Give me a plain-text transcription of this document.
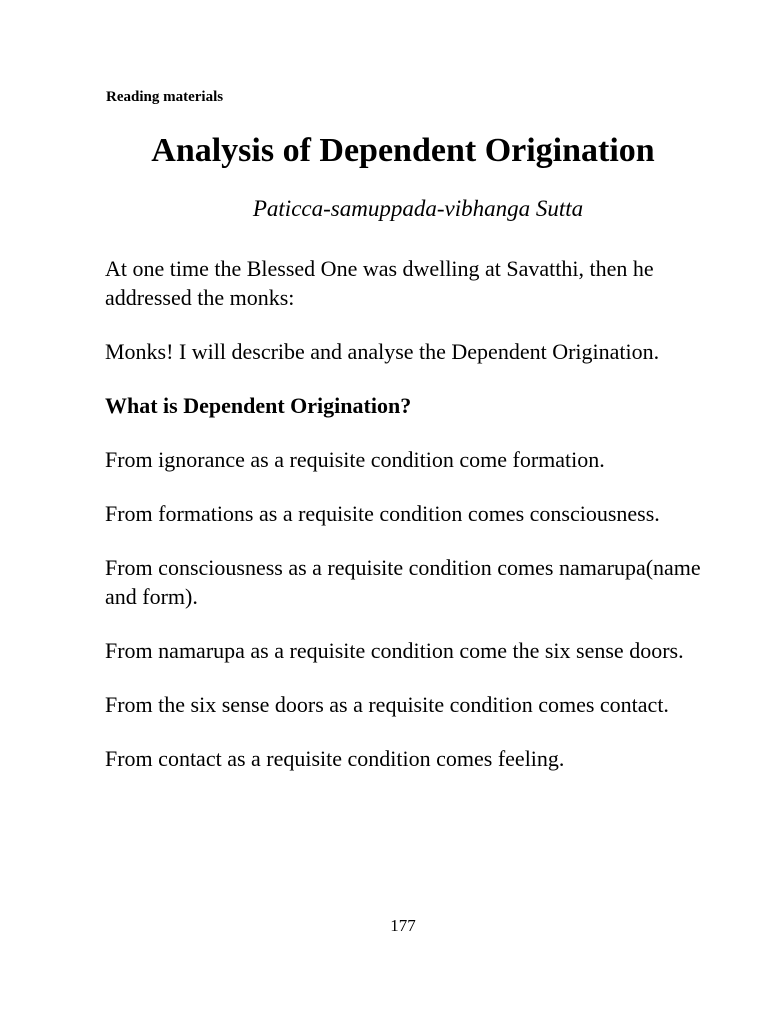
Reading materials
Analysis of Dependent Origination
Paticca-samuppada-vibhanga Sutta

At one time the Blessed One was dwelling at Savatthi, then he addressed the monks:

Monks! I will describe and analyse the Dependent Origination.

What is Dependent Origination?

From ignorance as a requisite condition come formation.

From formations as a requisite condition comes consciousness.

From consciousness as a requisite condition comes namarupa(name and form).

From namarupa as a requisite condition come the six sense doors.

From the six sense doors as a requisite condition comes contact.

From contact as a requisite condition comes feeling.

177
